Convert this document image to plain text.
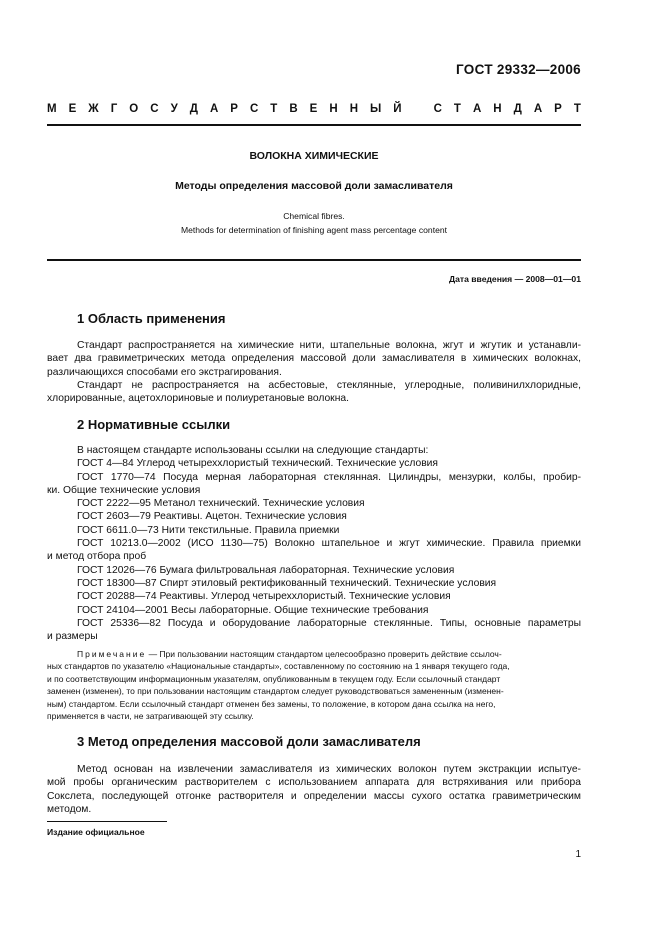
ГОСТ 29332—2006
М Е Ж Г О С У Д А Р С Т В Е Н Н Ы Й	С Т А Н Д А Р Т
ВОЛОКНА ХИМИЧЕСКИЕ
Методы определения массовой доли замасливателя
Chemical fibres.
Methods for determination of finishing agent mass percentage content
Дата введения — 2008—01—01
1 Область применения
Стандарт распространяется на химические нити, штапельные волокна, жгут и жгутик и устанавли-
вает два гравиметрических метода определения массовой доли замасливателя в химических волокнах,
различающихся способами его экстрагирования.
Стандарт не распространяется на асбестовые, стеклянные, углеродные, поливинилхлоридные,
хлорированные, ацетохлориновые и полиуретановые волокна.
2 Нормативные ссылки
В настоящем стандарте использованы ссылки на следующие стандарты:
ГОСТ 4—84 Углерод четыреххлористый технический. Технические условия
ГОСТ 1770—74 Посуда мерная лабораторная стеклянная. Цилиндры, мензурки, колбы, пробир-
ки. Общие технические условия
ГОСТ 2222—95 Метанол технический. Технические условия
ГОСТ 2603—79 Реактивы. Ацетон. Технические условия
ГОСТ 6611.0—73 Нити текстильные. Правила приемки
ГОСТ 10213.0—2002 (ИСО 1130—75) Волокно штапельное и жгут химические. Правила приемки
и метод отбора проб
ГОСТ 12026—76 Бумага фильтровальная лабораторная. Технические условия
ГОСТ 18300—87 Спирт этиловый ректификованный технический. Технические условия
ГОСТ 20288—74 Реактивы. Углерод четыреххлористый. Технические условия
ГОСТ 24104—2001 Весы лабораторные. Общие технические требования
ГОСТ 25336—82 Посуда и оборудование лабораторные стеклянные. Типы, основные параметры
и размеры
Примечание — При пользовании настоящим стандартом целесообразно проверить действие ссылоч-
ных стандартов по указателю «Национальные стандарты», составленному по состоянию на 1 января текущего года,
и по соответствующим информационным указателям, опубликованным в текущем году. Если ссылочный стандарт
заменен (изменен), то при пользовании настоящим стандартом следует руководствоваться замененным (изменен-
ным) стандартом. Если ссылочный стандарт отменен без замены, то положение, в котором дана ссылка на него,
применяется в части, не затрагивающей эту ссылку.
3 Метод определения массовой доли замасливателя
Метод основан на извлечении замасливателя из химических волокон путем экстракции испытуе-
мой пробы органическим растворителем с использованием аппарата для встряхивания или прибора
Сокслета, последующей отгонке растворителя и определении массы сухого остатка гравиметрическим
методом.
Издание официальное
1
